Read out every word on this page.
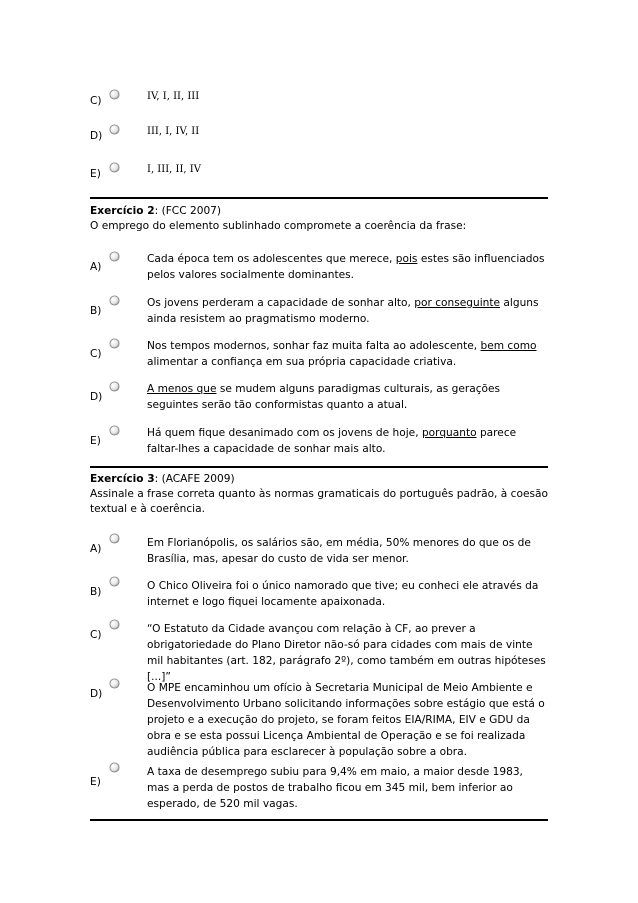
C)	IV, I, II, III
D)	III, I, IV, II
E)	I, III, II, IV
Exercício 2: (FCC 2007)
O emprego do elemento sublinhado compromete a coerência da frase:
A)
Cada época tem os adolescentes que merece, pois estes são influenciados pelos valores socialmente dominantes.
B)
Os jovens perderam a capacidade de sonhar alto, por conseguinte alguns ainda resistem ao pragmatismo moderno.
C)
Nos tempos modernos, sonhar faz muita falta ao adolescente, bem como alimentar a confiança em sua própria capacidade criativa.
D)
A menos que se mudem alguns paradigmas culturais, as gerações seguintes serão tão conformistas quanto a atual.
E)
Há quem fique desanimado com os jovens de hoje, porquanto parece faltar-lhes a capacidade de sonhar mais alto.
Exercício 3: (ACAFE 2009)
Assinale a frase correta quanto às normas gramaticais do português padrão, à coesão textual e à coerência.
A)	Em Florianópolis, os salários são, em média, 50% menores do que os de Brasília, mas, apesar do custo de vida ser menor.
B)	O Chico Oliveira foi o único namorado que tive; eu conheci ele através da internet e logo fiquei locamente apaixonada.
C)	“O Estatuto da Cidade avançou com relação à CF, ao prever a obrigatoriedade do Plano Diretor não-só para cidades com mais de vinte mil habitantes (art. 182, parágrafo 2º), como também em outras hipóteses [...]”
D)	O MPE encaminhou um ofício à Secretaria Municipal de Meio Ambiente e Desenvolvimento Urbano solicitando informações sobre estágio que está o projeto e a execução do projeto, se foram feitos EIA/RIMA, EIV e GDU da obra e se esta possui Licença Ambiental de Operação e se foi realizada audiência pública para esclarecer à população sobre a obra.
E)
A taxa de desemprego subiu para 9,4% em maio, a maior desde 1983, mas a perda de postos de trabalho ficou em 345 mil, bem inferior ao esperado, de 520 mil vagas.
